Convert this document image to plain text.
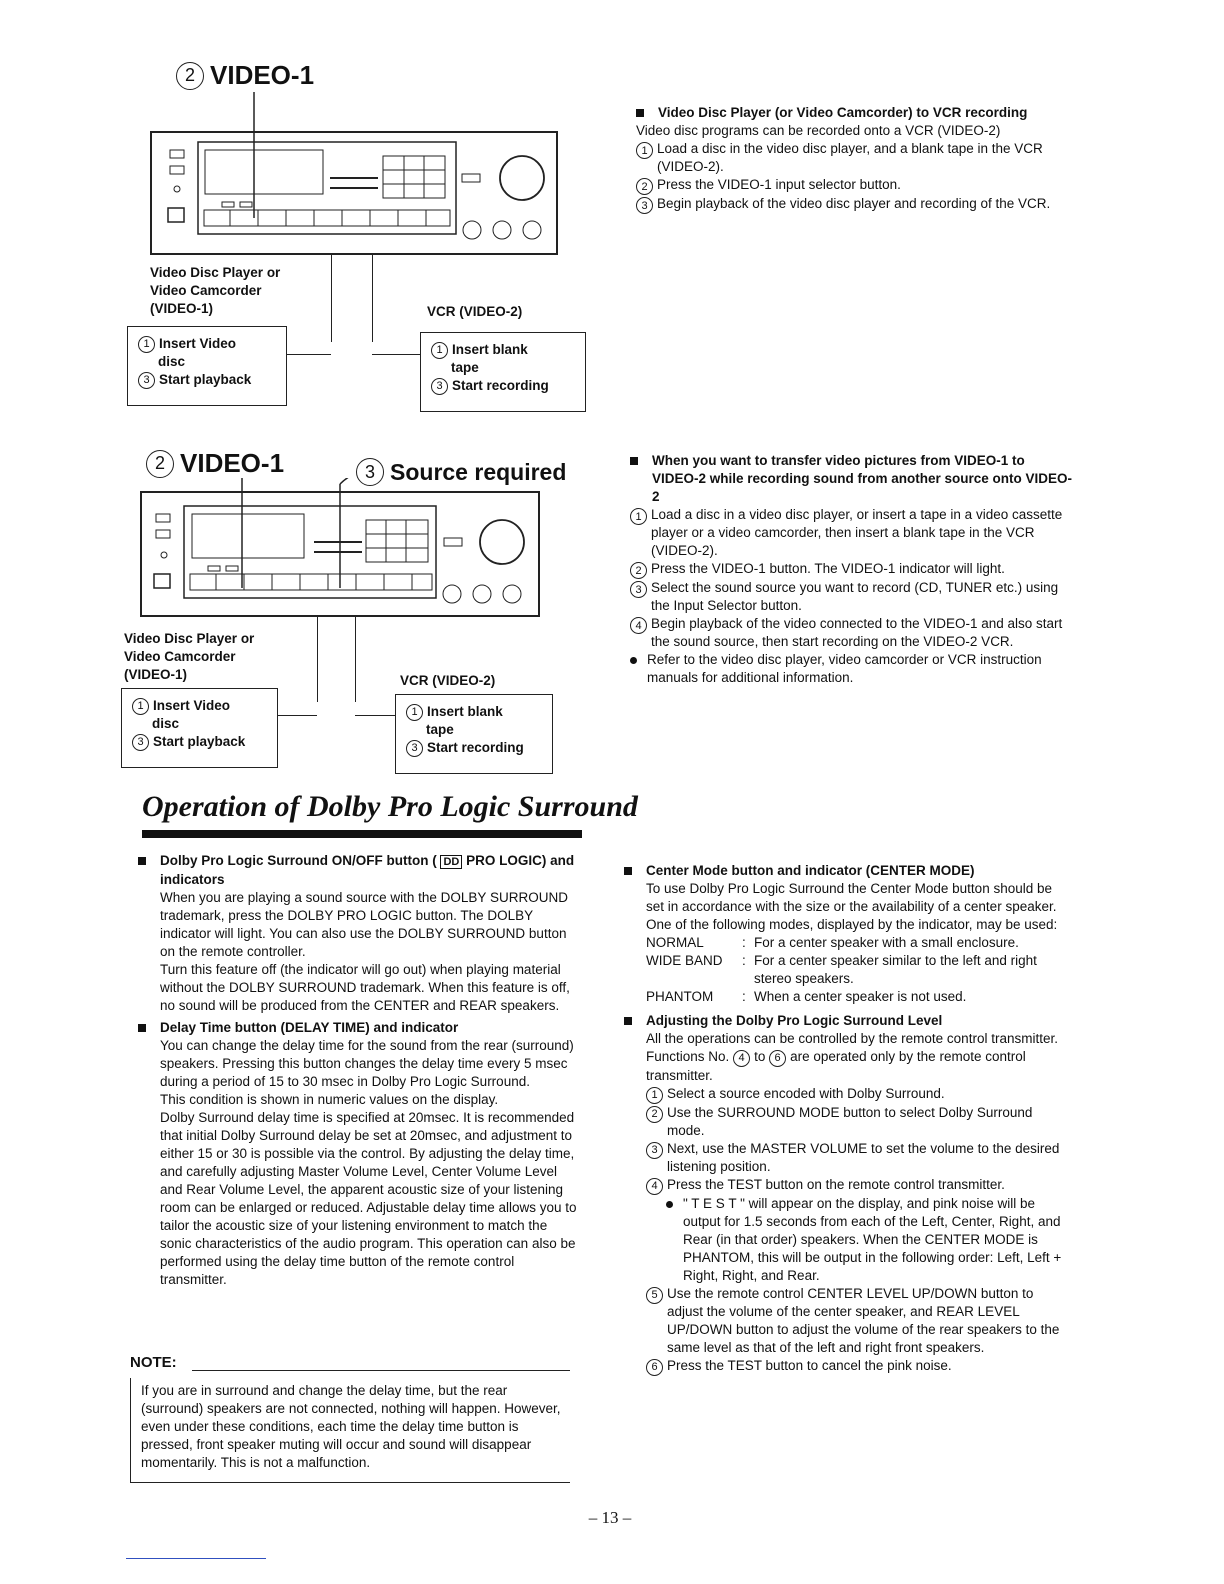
2 VIDEO-1
Video Disc Player or
Video Camcorder
(VIDEO-1)	VCR (VIDEO-2)
1 Insert Video
disc
3 Start playback
1 Insert blank
tape
3 Start recording
2 VIDEO-1	3 Source required
Video Disc Player or
Video Camcorder
(VIDEO-1)	VCR (VIDEO-2)
1 Insert Video
disc
3 Start playback
1 Insert blank
tape
3 Start recording
Video Disc Player (or Video Camcorder) to VCR recording
Video disc programs can be recorded onto a VCR (VIDEO-2)
1 Load a disc in the video disc player, and a blank tape in the VCR (VIDEO-2).
2 Press the VIDEO-1 input selector button.
3 Begin playback of the video disc player and recording of the VCR.
When you want to transfer video pictures from VIDEO-1 to VIDEO-2 while recording sound from another source onto VIDEO-2
1 Load a disc in a video disc player, or insert a tape in a video cassette player or a video camcorder, then insert a blank tape in the VCR (VIDEO-2).
2 Press the VIDEO-1 button. The VIDEO-1 indicator will light.
3 Select the sound source you want to record (CD, TUNER etc.) using the Input Selector button.
4 Begin playback of the video connected to the VIDEO-1 and also start the sound source, then start recording on the VIDEO-2 VCR.
Refer to the video disc player, video camcorder or VCR instruction manuals for additional information.
Operation of Dolby Pro Logic Surround
Dolby Pro Logic Surround ON/OFF button ( DD PRO LOGIC) and indicators
When you are playing a sound source with the DOLBY SURROUND trademark, press the DOLBY PRO LOGIC button. The DOLBY indicator will light. You can also use the DOLBY SURROUND button on the remote controller.
Turn this feature off (the indicator will go out) when playing material without the DOLBY SURROUND trademark. When this feature is off, no sound will be produced from the CENTER and REAR speakers.
Delay Time button (DELAY TIME) and indicator
You can change the delay time for the sound from the rear (surround) speakers. Pressing this button changes the delay time every 5 msec during a period of 15 to 30 msec in Dolby Pro Logic Surround.
This condition is shown in numeric values on the display.
Dolby Surround delay time is specified at 20msec. It is recommended that initial Dolby Surround delay be set at 20msec, and adjustment to either 15 or 30 is possible via the control. By adjusting the delay time, and carefully adjusting Master Volume Level, Center Volume Level and Rear Volume Level, the apparent acoustic size of your listening room can be enlarged or reduced. Adjustable delay time allows you to tailor the acoustic size of your listening environment to match the sonic characteristics of the audio program. This operation can also be performed using the delay time button of the remote control transmitter.
NOTE:
If you are in surround and change the delay time, but the rear (surround) speakers are not connected, nothing will happen. However, even under these conditions, each time the delay time button is pressed, front speaker muting will occur and sound will disappear momentarily. This is not a malfunction.
Center Mode button and indicator (CENTER MODE)
To use Dolby Pro Logic Surround the Center Mode button should be set in accordance with the size or the availability of a center speaker. One of the following modes, displayed by the indicator, may be used:
NORMAL	: For a center speaker with a small enclosure.
WIDE BAND	: For a center speaker similar to the left and right stereo speakers.
PHANTOM	: When a center speaker is not used.
Adjusting the Dolby Pro Logic Surround Level
All the operations can be controlled by the remote control transmitter. Functions No. 4 to 6 are operated only by the remote control transmitter.
1 Select a source encoded with Dolby Surround.
2 Use the SURROUND MODE button to select Dolby Surround mode.
3 Next, use the MASTER VOLUME to set the volume to the desired listening position.
4 Press the TEST button on the remote control transmitter.
" T E S T " will appear on the display, and pink noise will be output for 1.5 seconds from each of the Left, Center, Right, and Rear (in that order) speakers. When the CENTER MODE is PHANTOM, this will be output in the following order: Left, Left + Right, Right, and Rear.
5 Use the remote control CENTER LEVEL UP/DOWN button to adjust the volume of the center speaker, and REAR LEVEL UP/DOWN button to adjust the volume of the rear speakers to the same level as that of the left and right front speakers.
6 Press the TEST button to cancel the pink noise.
– 13 –
